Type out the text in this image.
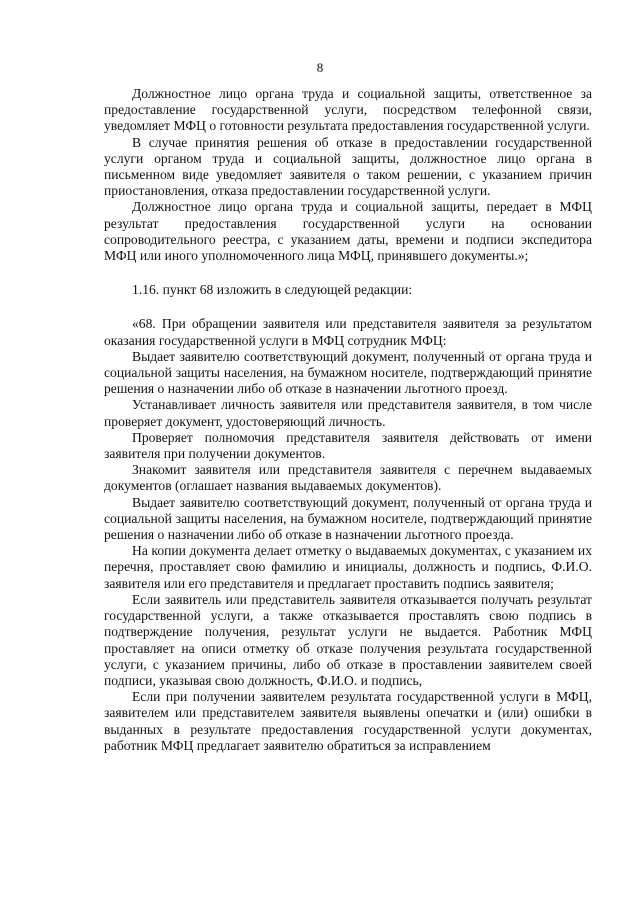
8

Должностное лицо органа труда и социальной защиты, ответственное за предоставление государственной услуги, посредством телефонной связи, уведомляет МФЦ о готовности результата предоставления государственной услуги.

В случае принятия решения об отказе в предоставлении государственной услуги органом труда и социальной защиты, должностное лицо органа в письменном виде уведомляет заявителя о таком решении, с указанием причин приостановления, отказа предоставлении государственной услуги.

Должностное лицо органа труда и социальной защиты, передает в МФЦ результат предоставления государственной услуги на основании сопроводительного реестра, с указанием даты, времени и подписи экспедитора МФЦ или иного уполномоченного лица МФЦ, принявшего документы.»;

1.16. пункт 68 изложить в следующей редакции:

«68. При обращении заявителя или представителя заявителя за результатом оказания государственной услуги в МФЦ сотрудник МФЦ:

Выдает заявителю соответствующий документ, полученный от органа труда и социальной защиты населения, на бумажном носителе, подтверждающий принятие решения о назначении либо об отказе в назначении льготного проезд.

Устанавливает личность заявителя или представителя заявителя, в том числе проверяет документ, удостоверяющий личность.

Проверяет полномочия представителя заявителя действовать от имени заявителя при получении документов.

Знакомит заявителя или представителя заявителя с перечнем выдаваемых документов (оглашает названия выдаваемых документов).

Выдает заявителю соответствующий документ, полученный от органа труда и социальной защиты населения, на бумажном носителе, подтверждающий принятие решения о назначении либо об отказе в назначении льготного проезда.

На копии документа делает отметку о выдаваемых документах, с указанием их перечня, проставляет свою фамилию и инициалы, должность и подпись, Ф.И.О. заявителя или его представителя и предлагает проставить подпись заявителя;

Если заявитель или представитель заявителя отказывается получать результат государственной услуги, а также отказывается проставлять свою подпись в подтверждение получения, результат услуги не выдается. Работник МФЦ проставляет на описи отметку об отказе получения результата государственной услуги, с указанием причины, либо об отказе в проставлении заявителем своей подписи, указывая свою должность, Ф.И.О. и подпись,

Если при получении заявителем результата государственной услуги в МФЦ, заявителем или представителем заявителя выявлены опечатки и (или) ошибки в выданных в результате предоставления государственной услуги документах, работник МФЦ предлагает заявителю обратиться за исправлением
